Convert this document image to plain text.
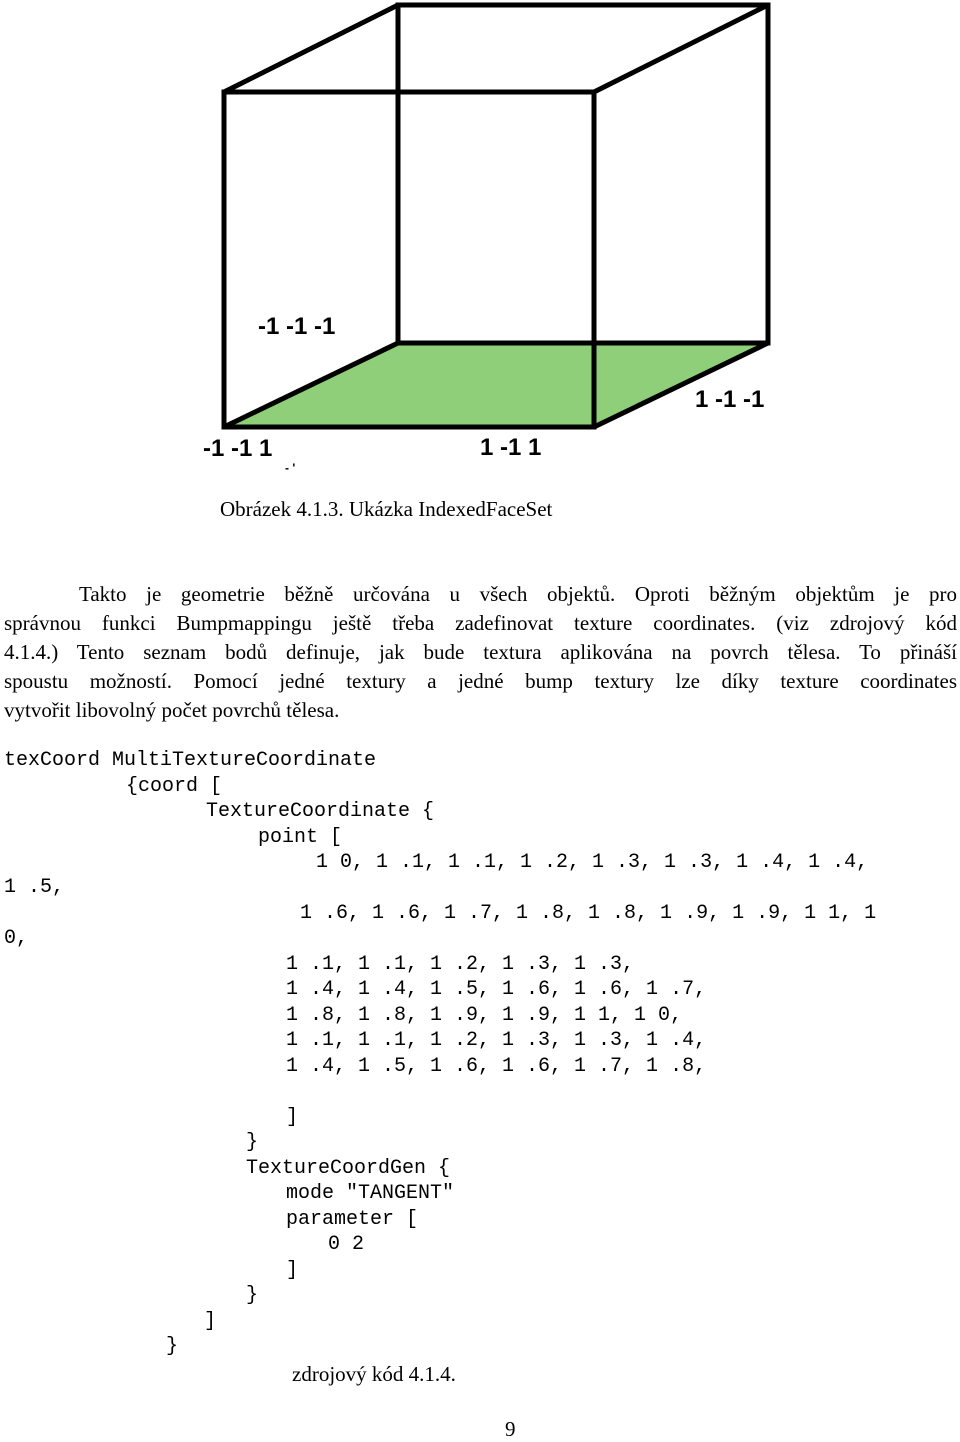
-1 -1 -1
1 -1 -1
-1 -1 1	1 -1 1
- '
Obrázek 4.1.3. Ukázka IndexedFaceSet

Takto je geometrie běžně určována u všech objektů. Oproti běžným objektům je pro
správnou funkci Bumpmappingu ještě třeba zadefinovat texture coordinates. (viz zdrojový kód
4.1.4.) Tento seznam bodů definuje, jak bude textura aplikována na povrch tělesa. To přináší
spoustu možností. Pomocí jedné textury a jedné bump textury lze díky texture coordinates
vytvořit libovolný počet povrchů tělesa.

texCoord MultiTextureCoordinate
{coord [
TextureCoordinate {
point [
1 0, 1 .1, 1 .1, 1 .2, 1 .3, 1 .3, 1 .4, 1 .4,
1 .5,
1 .6, 1 .6, 1 .7, 1 .8, 1 .8, 1 .9, 1 .9, 1 1, 1
0,
1 .1, 1 .1, 1 .2, 1 .3, 1 .3,
1 .4, 1 .4, 1 .5, 1 .6, 1 .6, 1 .7,
1 .8, 1 .8, 1 .9, 1 .9, 1 1, 1 0,
1 .1, 1 .1, 1 .2, 1 .3, 1 .3, 1 .4,
1 .4, 1 .5, 1 .6, 1 .6, 1 .7, 1 .8,
]
}
TextureCoordGen {
mode "TANGENT"
parameter [
0 2
]
}
]
}
zdrojový kód 4.1.4.
9
